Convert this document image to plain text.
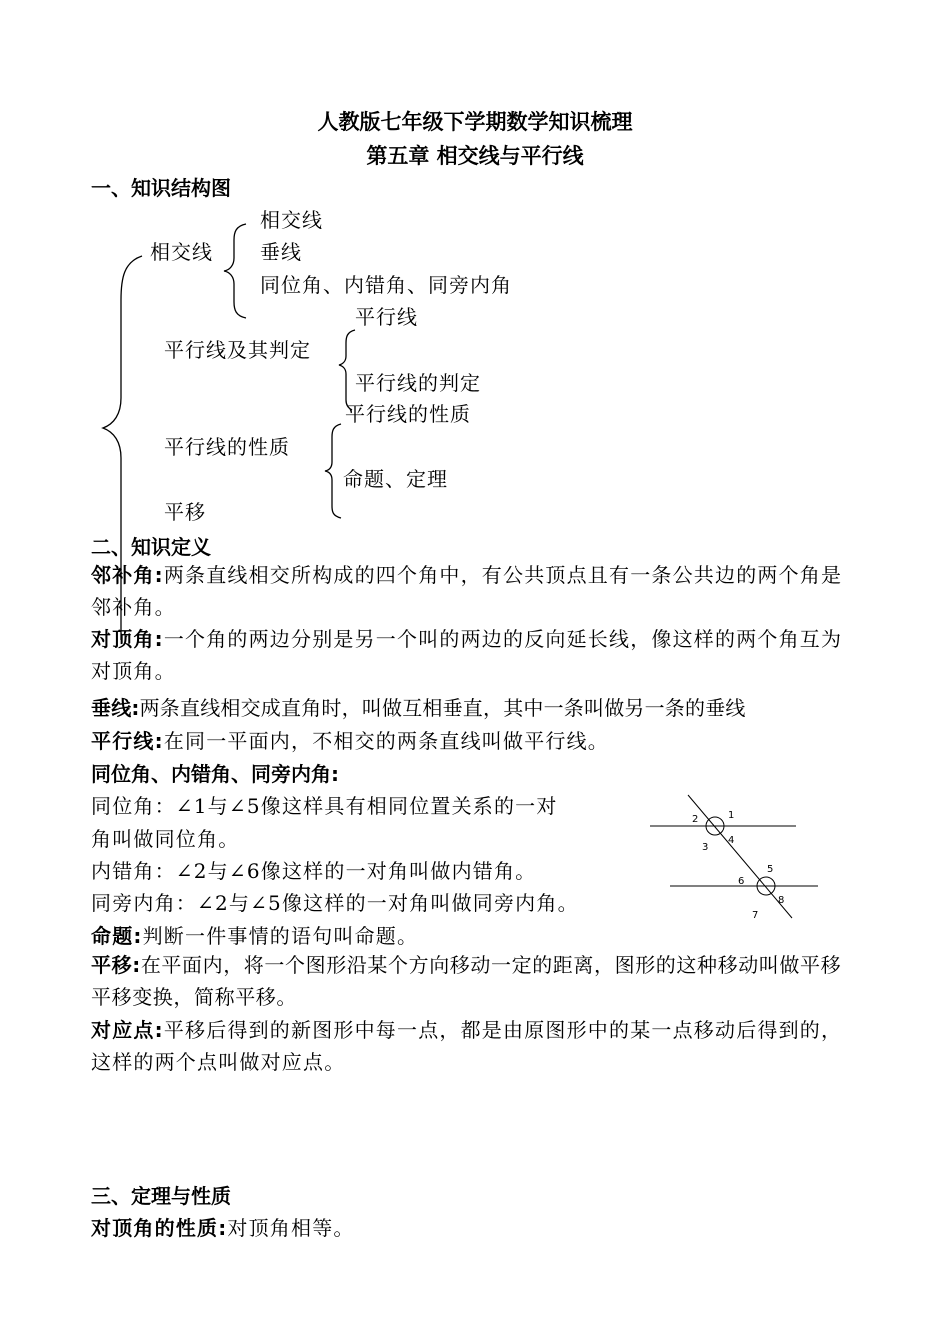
人教版七年级下学期数学知识梳理
第五章 相交线与平行线
一、知识结构图
相交线
相交线
垂线
同位角、内错角、同旁内角
平行线
平行线及其判定
平行线的判定
平行线的性质
平行线的性质
命题、定理
平移
二、知识定义
邻补角:两条直线相交所构成的四个角中，有公共顶点且有一条公共边的两个角是邻补角。
对顶角:一个角的两边分别是另一个叫的两边的反向延长线，像这样的两个角互为对顶角。
垂线:两条直线相交成直角时，叫做互相垂直，其中一条叫做另一条的垂线
平行线:在同一平面内，不相交的两条直线叫做平行线。
同位角、内错角、同旁内角:
同位角：∠1与∠5像这样具有相同位置关系的一对
角叫做同位角。
内错角：∠2与∠6像这样的一对角叫做内错角。
同旁内角：∠2与∠5像这样的一对角叫做同旁内角。
1
2
3
4
5
6
7
8
命题:判断一件事情的语句叫命题。
平移:在平面内，将一个图形沿某个方向移动一定的距离，图形的这种移动叫做平移平移变换，简称平移。
对应点:平移后得到的新图形中每一点，都是由原图形中的某一点移动后得到的，这样的两个点叫做对应点。
三、定理与性质
对顶角的性质:对顶角相等。
